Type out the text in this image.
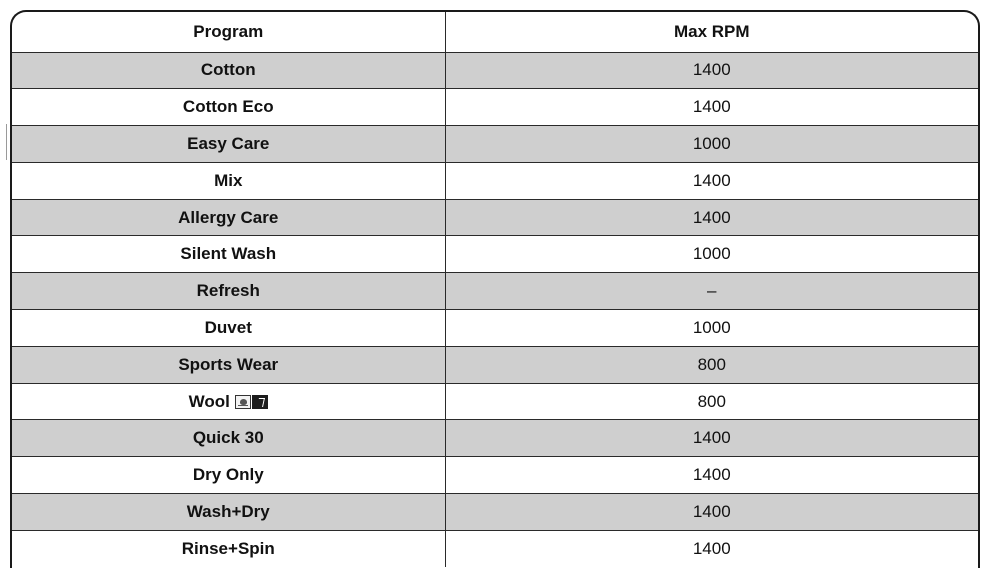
Program	Max RPM
Cotton	1400
Cotton Eco	1400
Easy Care	1000
Mix	1400
Allergy Care	1400
Silent Wash	1000
Refresh	–
Duvet	1000
Sports Wear	800
Wool	800
Quick 30	1400
Dry Only	1400
Wash+Dry	1400
Rinse+Spin	1400
